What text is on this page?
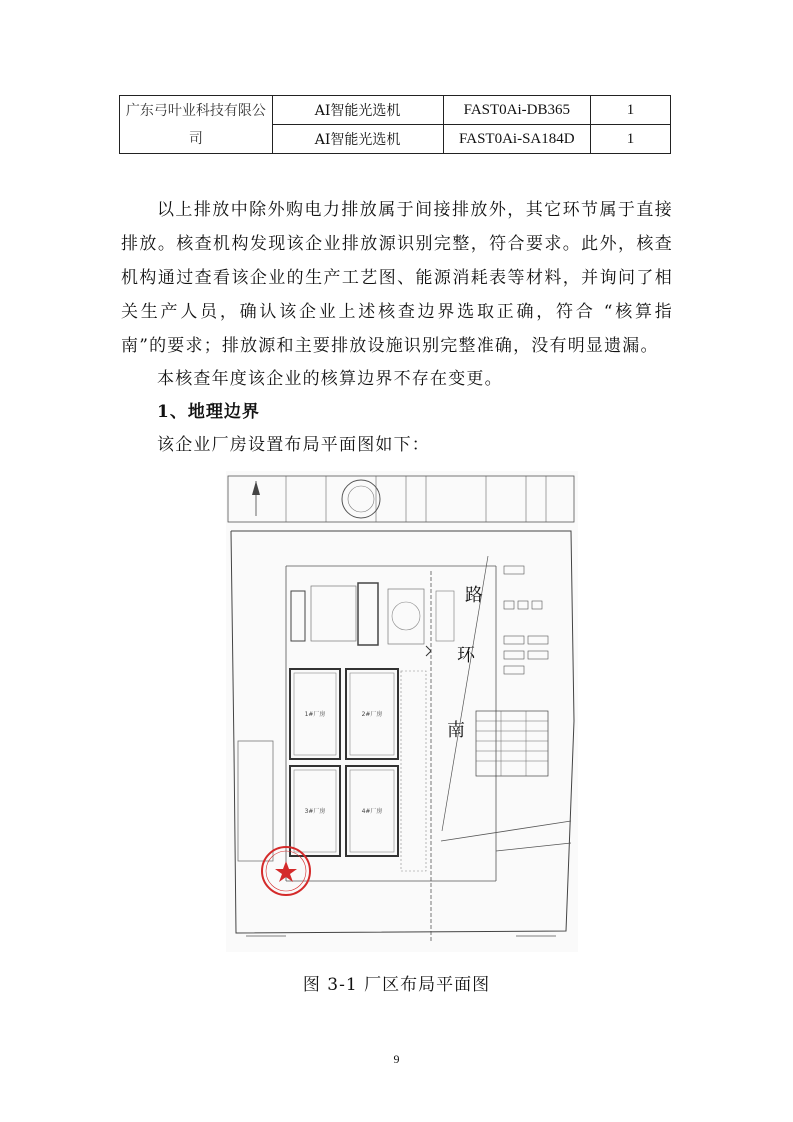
广东弓叶业科技有限公司	AI智能光选机	FAST0Ai-DB365	1
	AI智能光选机	FAST0Ai-SA184D	1
以上排放中除外购电力排放属于间接排放外，其它环节属于直接排放。核查机构发现该企业排放源识别完整，符合要求。此外，核查机构通过查看该企业的生产工艺图、能源消耗表等材料，并询问了相关生产人员，确认该企业上述核查边界选取正确，符合 “核算指南”的要求；排放源和主要排放设施识别完整准确，没有明显遗漏。
本核查年度该企业的核算边界不存在变更。
1、地理边界
该企业厂房设置布局平面图如下：
1#厂房	2#厂房
3#厂房	4#厂房
路
环
南
图 3-1 厂区布局平面图
9
